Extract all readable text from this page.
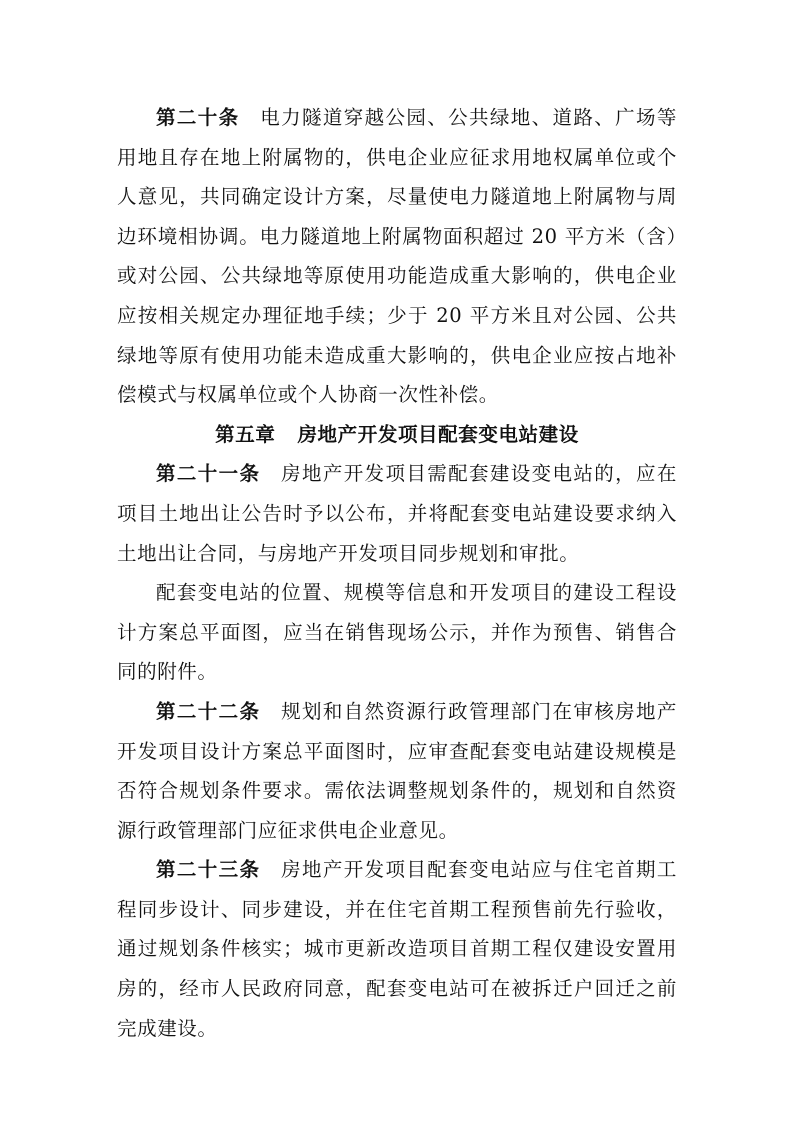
第二十条 电力隧道穿越公园、公共绿地、道路、广场等用地且存在地上附属物的，供电企业应征求用地权属单位或个人意见，共同确定设计方案，尽量使电力隧道地上附属物与周边环境相协调。电力隧道地上附属物面积超过 20 平方米（含）或对公园、公共绿地等原使用功能造成重大影响的，供电企业应按相关规定办理征地手续；少于 20 平方米且对公园、公共绿地等原有使用功能未造成重大影响的，供电企业应按占地补偿模式与权属单位或个人协商一次性补偿。

第五章 房地产开发项目配套变电站建设

第二十一条 房地产开发项目需配套建设变电站的，应在项目土地出让公告时予以公布，并将配套变电站建设要求纳入土地出让合同，与房地产开发项目同步规划和审批。

配套变电站的位置、规模等信息和开发项目的建设工程设计方案总平面图，应当在销售现场公示，并作为预售、销售合同的附件。

第二十二条 规划和自然资源行政管理部门在审核房地产开发项目设计方案总平面图时，应审查配套变电站建设规模是否符合规划条件要求。需依法调整规划条件的，规划和自然资源行政管理部门应征求供电企业意见。

第二十三条 房地产开发项目配套变电站应与住宅首期工程同步设计、同步建设，并在住宅首期工程预售前先行验收，通过规划条件核实；城市更新改造项目首期工程仅建设安置用房的，经市人民政府同意，配套变电站可在被拆迁户回迁之前完成建设。
